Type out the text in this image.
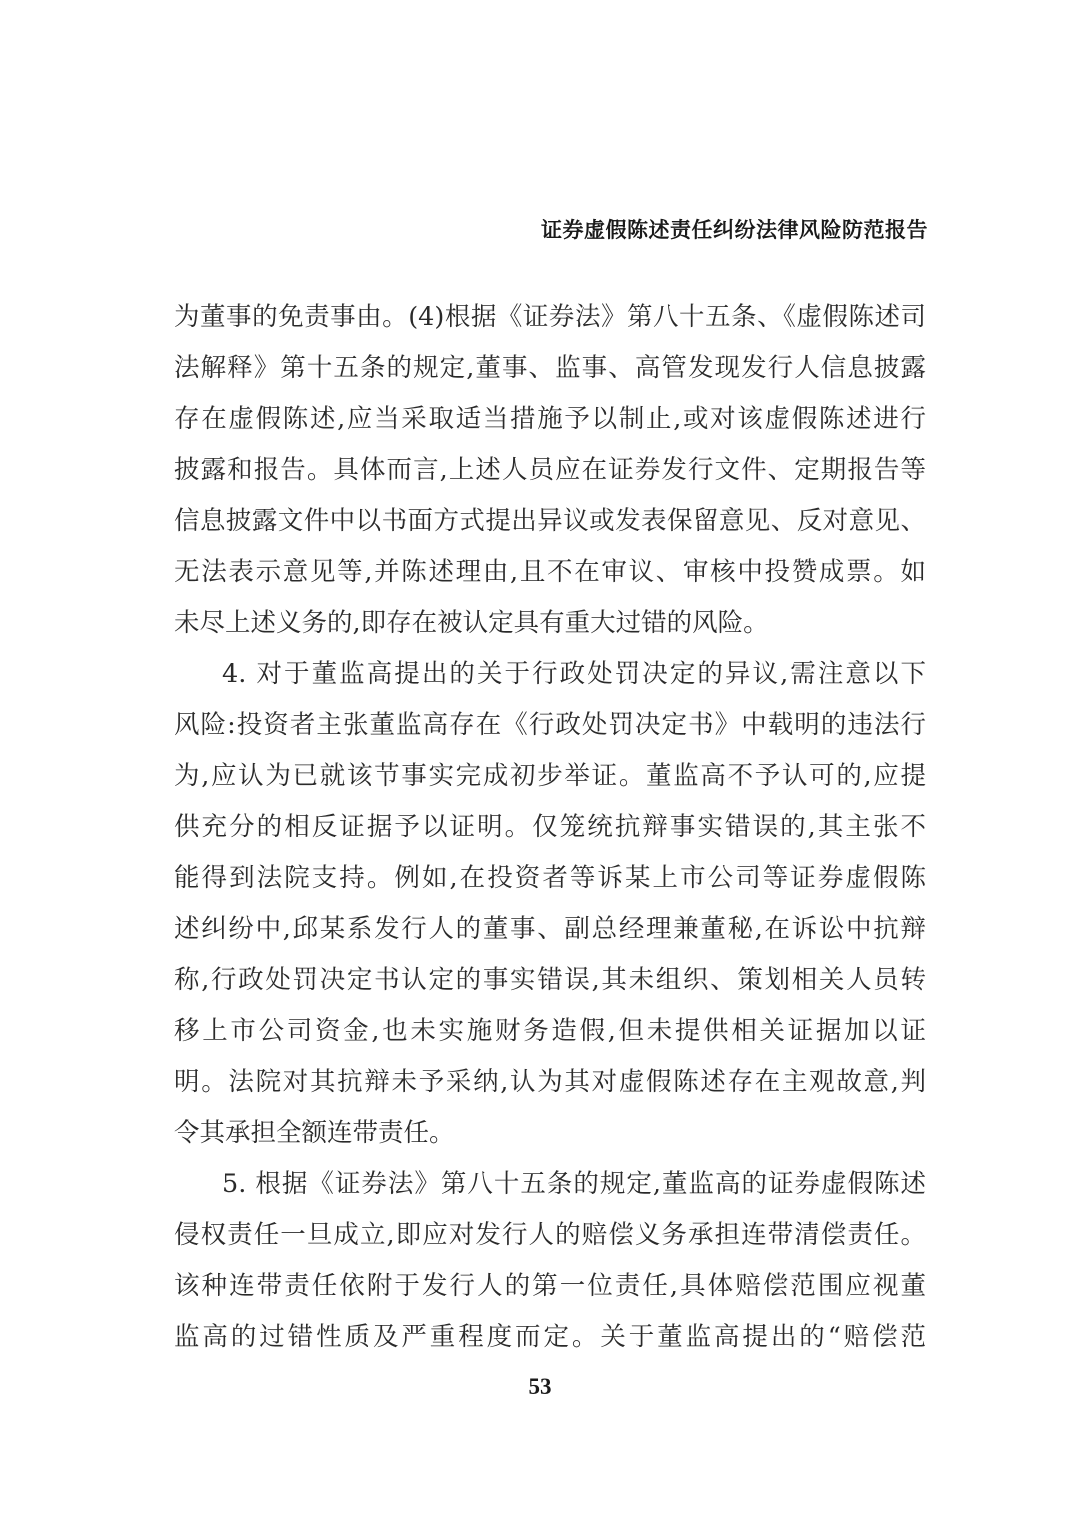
证券虚假陈述责任纠纷法律风险防范报告
为董事的免责事由。(4)根据《证券法》第八十五条、《虚假陈述司
法解释》第十五条的规定,董事、监事、高管发现发行人信息披露
存在虚假陈述,应当采取适当措施予以制止,或对该虚假陈述进行
披露和报告。具体而言,上述人员应在证券发行文件、定期报告等
信息披露文件中以书面方式提出异议或发表保留意见、反对意见、
无法表示意见等,并陈述理由,且不在审议、审核中投赞成票。如
未尽上述义务的,即存在被认定具有重大过错的风险。
4. 对于董监高提出的关于行政处罚决定的异议,需注意以下
风险:投资者主张董监高存在《行政处罚决定书》中载明的违法行
为,应认为已就该节事实完成初步举证。董监高不予认可的,应提
供充分的相反证据予以证明。仅笼统抗辩事实错误的,其主张不
能得到法院支持。例如,在投资者等诉某上市公司等证券虚假陈
述纠纷中,邱某系发行人的董事、副总经理兼董秘,在诉讼中抗辩
称,行政处罚决定书认定的事实错误,其未组织、策划相关人员转
移上市公司资金,也未实施财务造假,但未提供相关证据加以证
明。法院对其抗辩未予采纳,认为其对虚假陈述存在主观故意,判
令其承担全额连带责任。
5. 根据《证券法》第八十五条的规定,董监高的证券虚假陈述
侵权责任一旦成立,即应对发行人的赔偿义务承担连带清偿责任。
该种连带责任依附于发行人的第一位责任,具体赔偿范围应视董
监高的过错性质及严重程度而定。关于董监高提出的“赔偿范
53
